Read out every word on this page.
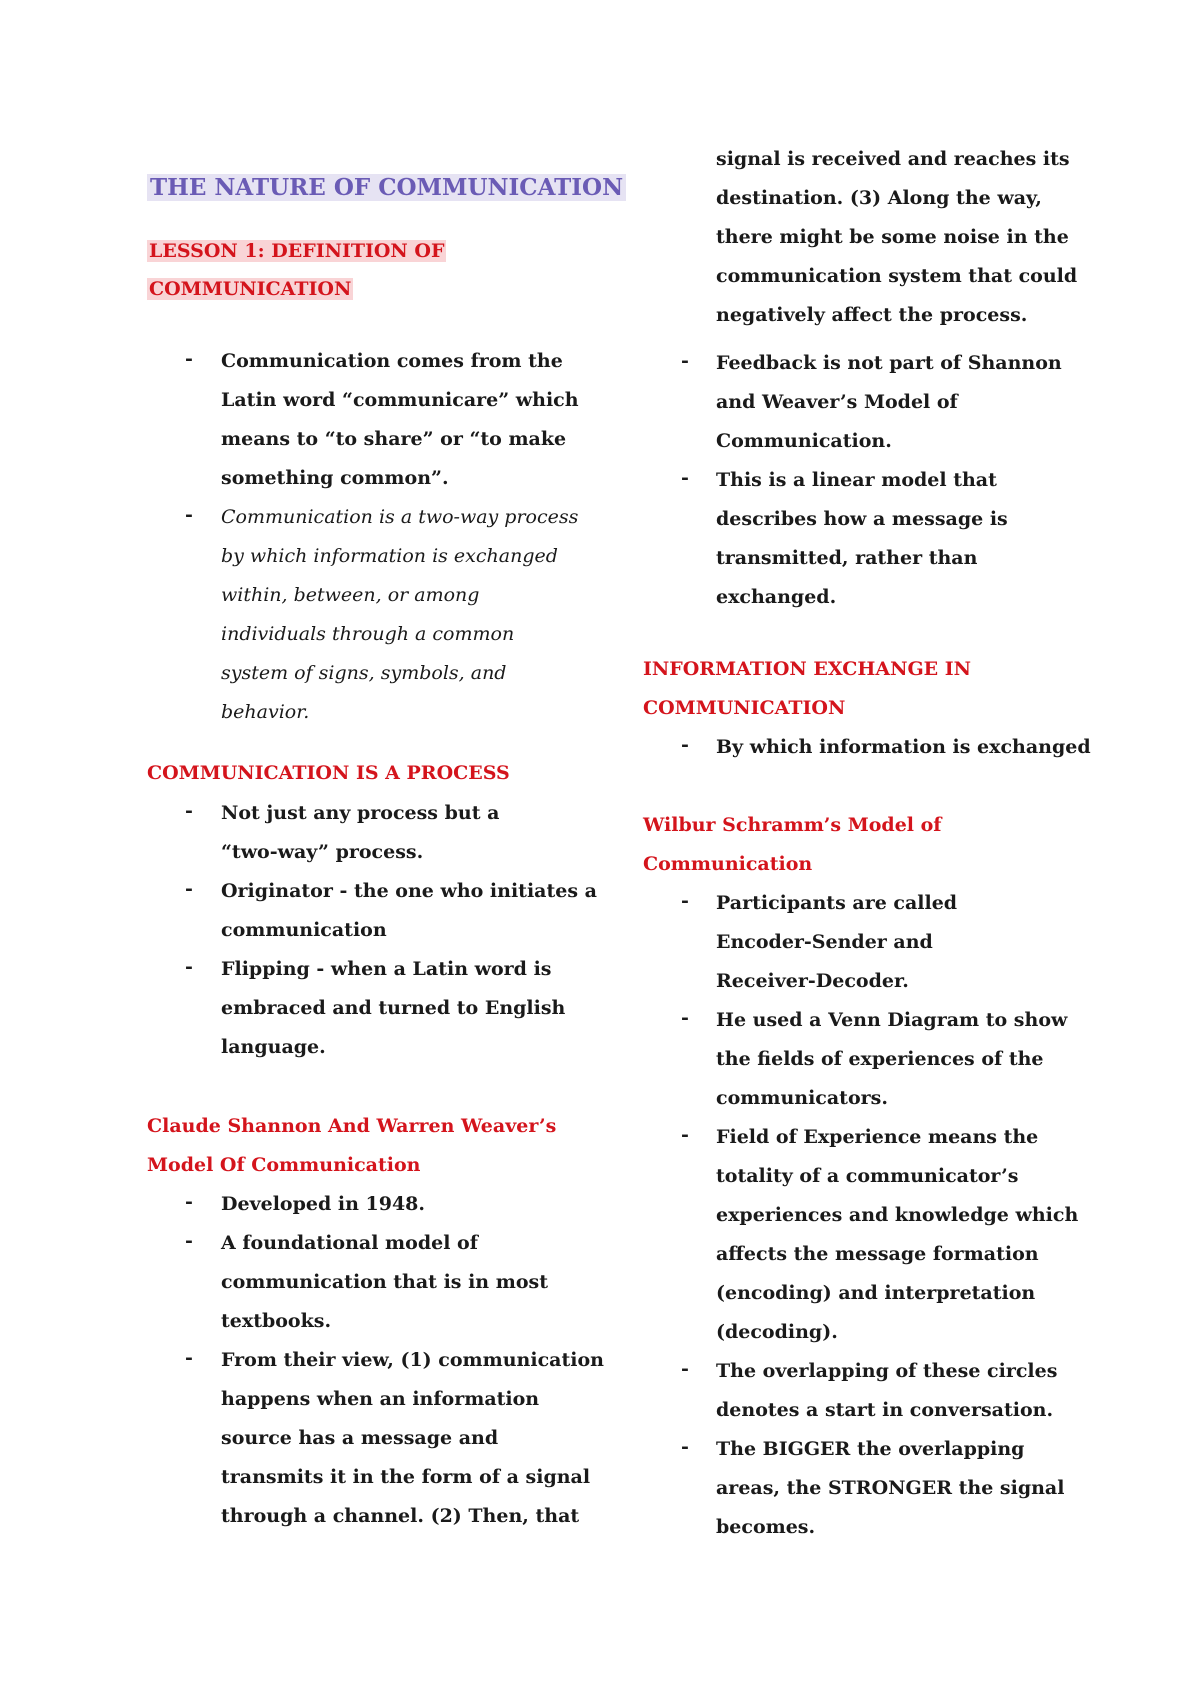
THE NATURE OF COMMUNICATION
LESSON 1: DEFINITION OF
COMMUNICATION
- Communication comes from the
Latin word “communicare” which
means to “to share” or “to make
something common”.
- Communication is a two-way process
by which information is exchanged
within, between, or among
individuals through a common
system of signs, symbols, and
behavior.
COMMUNICATION IS A PROCESS
- Not just any process but a
“two-way” process.
- Originator - the one who initiates a
communication
- Flipping - when a Latin word is
embraced and turned to English
language.
Claude Shannon And Warren Weaver’s
Model Of Communication
- Developed in 1948.
- A foundational model of
communication that is in most
textbooks.
- From their view, (1) communication
happens when an information
source has a message and
transmits it in the form of a signal
through a channel. (2) Then, that
signal is received and reaches its
destination. (3) Along the way,
there might be some noise in the
communication system that could
negatively affect the process.
- Feedback is not part of Shannon
and Weaver’s Model of
Communication.
- This is a linear model that
describes how a message is
transmitted, rather than
exchanged.
INFORMATION EXCHANGE IN
COMMUNICATION
- By which information is exchanged
Wilbur Schramm’s Model of
Communication
- Participants are called
Encoder-Sender and
Receiver-Decoder.
- He used a Venn Diagram to show
the fields of experiences of the
communicators.
- Field of Experience means the
totality of a communicator’s
experiences and knowledge which
affects the message formation
(encoding) and interpretation
(decoding).
- The overlapping of these circles
denotes a start in conversation.
- The BIGGER the overlapping
areas, the STRONGER the signal
becomes.
